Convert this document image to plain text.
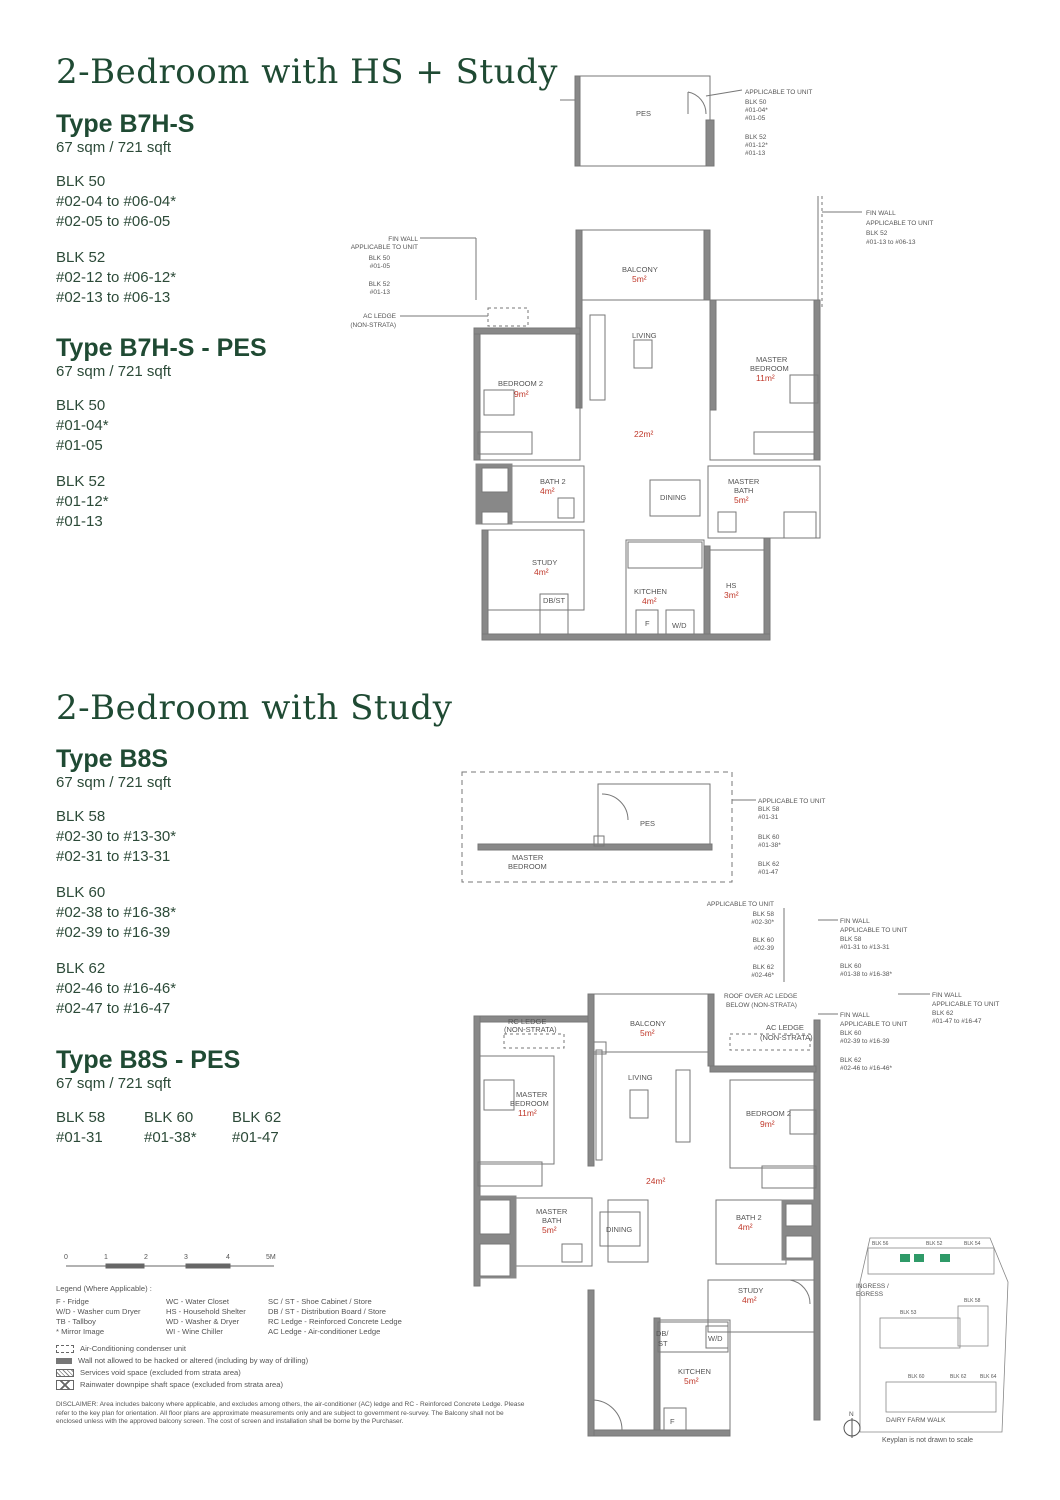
2-Bedroom with HS + Study
Type B7H-S
67 sqm / 721 sqft
BLK 50
#02-04 to #06-04*
#02-05 to #06-05
BLK 52
#02-12 to #06-12*
#02-13 to #06-13
Type B7H-S - PES
67 sqm / 721 sqft
BLK 50
#01-04*
#01-05
BLK 52
#01-12*
#01-13
PES
APPLICABLE TO UNIT
BLK 50
#01-04*
#01-05
BLK 52
#01-12*
#01-13
FIN WALL
APPLICABLE TO UNIT
BLK 52
#01-13 to #06-13
FIN WALL
APPLICABLE TO UNIT
BLK 50
#01-05
BLK 52
#01-13
AC LEDGE
(NON-STRATA)
BALCONY
5m²
LIVING
22m²
BEDROOM 2
9m²
MASTER
BEDROOM
11m²
BATH 2
4m²
DINING
MASTER
BATH
5m²
STUDY
4m²
DB/ST
KITCHEN
4m²
HS
3m²
F	W/D
2-Bedroom with Study
Type B8S
67 sqm / 721 sqft
BLK 58
#02-30 to #13-30*
#02-31 to #13-31
BLK 60
#02-38 to #16-38*
#02-39 to #16-39
BLK 62
#02-46 to #16-46*
#02-47 to #16-47
Type B8S - PES
67 sqm / 721 sqft
BLK 58
#01-31
BLK 60
#01-38*
BLK 62
#01-47
PES
MASTER
BEDROOM
APPLICABLE TO UNIT
BLK 58
#01-31
BLK 60
#01-38*
BLK 62
#01-47
APPLICABLE TO UNIT
BLK 58
#02-30*
BLK 60
#02-39
BLK 62
#02-46*
FIN WALL
APPLICABLE TO UNIT
BLK 58
#01-31 to #13-31
BLK 60
#01-38 to #16-38*
FIN WALL
APPLICABLE TO UNIT
BLK 62
#01-47 to #16-47
FIN WALL
APPLICABLE TO UNIT
BLK 60
#02-39 to #16-39
BLK 62
#02-46 to #16-46*
ROOF OVER AC LEDGE
BELOW (NON-STRATA)
RC LEDGE
(NON-STRATA)	AC LEDGE
(NON-STRATA)
BALCONY
5m²
LIVING
24m²
MASTER
BEDROOM
11m²	BEDROOM 2
9m²
MASTER
BATH
5m²	DINING
BATH 2
4m²
STUDY
4m²
DB/
ST
KITCHEN
5m²
F
W/D
0	1	2	3	4	5M
Legend (Where Applicable) :
F - Fridge
W/D - Washer cum Dryer
TB - Tallboy
* Mirror Image
WC - Water Closet
HS - Household Shelter
WD - Washer & Dryer
WI - Wine Chiller
SC / ST - Shoe Cabinet / Store
DB / ST - Distribution Board / Store
RC Ledge - Reinforced Concrete Ledge
AC Ledge - Air-conditioner Ledge
Air-Conditioning condenser unit
Wall not allowed to be hacked or altered (including by way of drilling)
Services void space (excluded from strata area)
Rainwater downpipe shaft space (excluded from strata area)
DISCLAIMER: Area includes balcony where applicable, and excludes among others, the air-conditioner (AC) ledge and RC - Reinforced Concrete Ledge. Please refer to the key plan for orientation. All floor plans are approximate measurements only and are subject to government re-survey. The Balcony shall not be enclosed unless with the approved balcony screen. The cost of screen and installation shall be borne by the Purchaser.
BLK 56	BLK 52	BLK 54
BLK 58
BLK 53
BLK 60	BLK 62	BLK 64
INGRESS /
EGRESS
DAIRY FARM WALK
N
Keyplan is not drawn to scale
